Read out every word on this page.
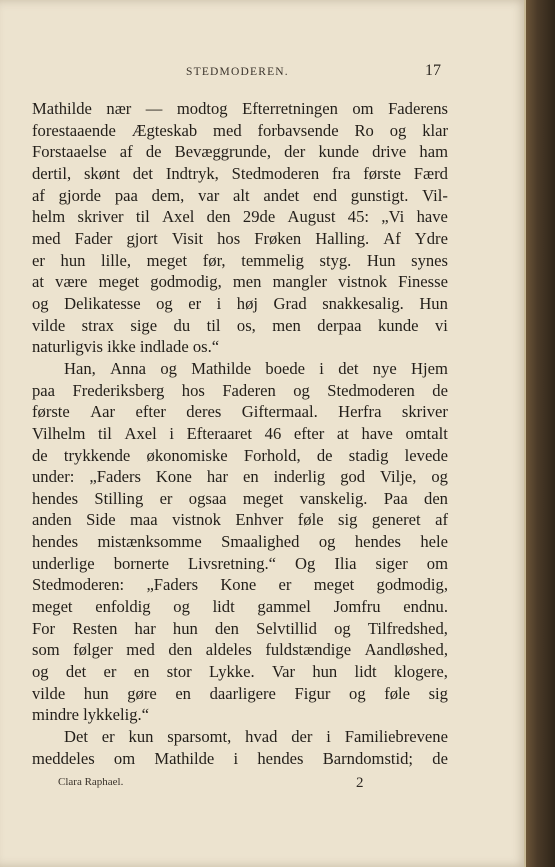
STEDMODEREN.	17
Mathilde nær — modtog Efterretningen om Faderens
forestaaende Ægteskab med forbavsende Ro og klar
Forstaaelse af de Bevæggrunde, der kunde drive ham
dertil, skønt det Indtryk, Stedmoderen fra første Færd
af gjorde paa dem, var alt andet end gunstigt. Vil-
helm skriver til Axel den 29de August 45: „Vi have
med Fader gjort Visit hos Frøken Halling. Af Ydre
er hun lille, meget før, temmelig styg. Hun synes
at være meget godmodig, men mangler vistnok Finesse
og Delikatesse og er i høj Grad snakkesalig. Hun
vilde strax sige du til os, men derpaa kunde vi
naturligvis ikke indlade os.“
Han, Anna og Mathilde boede i det nye Hjem
paa Frederiksberg hos Faderen og Stedmoderen de
første Aar efter deres Giftermaal. Herfra skriver
Vilhelm til Axel i Efteraaret 46 efter at have omtalt
de trykkende økonomiske Forhold, de stadig levede
under: „Faders Kone har en inderlig god Vilje, og
hendes Stilling er ogsaa meget vanskelig. Paa den
anden Side maa vistnok Enhver føle sig generet af
hendes mistænksomme Smaalighed og hendes hele
underlige bornerte Livsretning.“ Og Ilia siger om
Stedmoderen: „Faders Kone er meget godmodig,
meget enfoldig og lidt gammel Jomfru endnu.
For Resten har hun den Selvtillid og Tilfredshed,
som følger med den aldeles fuldstændige Aandløshed,
og det er en stor Lykke. Var hun lidt klogere,
vilde hun gøre en daarligere Figur og føle sig
mindre lykkelig.“
Det er kun sparsomt, hvad der i Familiebrevene
meddeles om Mathilde i hendes Barndomstid; de
Clara Raphael.	2
